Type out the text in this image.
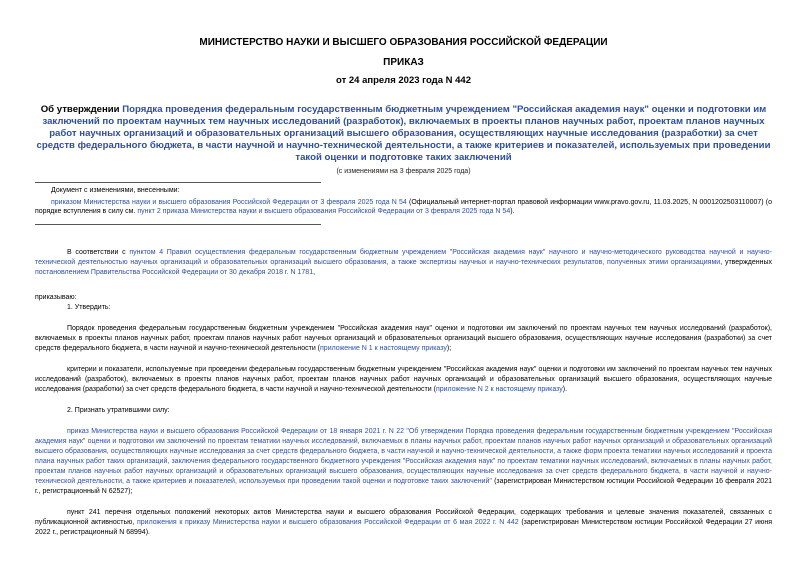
МИНИСТЕРСТВО НАУКИ И ВЫСШЕГО ОБРАЗОВАНИЯ РОССИЙСКОЙ ФЕДЕРАЦИИ
ПРИКАЗ
от 24 апреля 2023 года N 442
Об утверждении Порядка проведения федеральным государственным бюджетным учреждением "Российская академия наук" оценки и подготовки им заключений по проектам научных тем научных исследований (разработок), включаемых в проекты планов научных работ, проектам планов научных работ научных организаций и образовательных организаций высшего образования, осуществляющих научные исследования (разработки) за счет средств федерального бюджета, в части научной и научно-технической деятельности, а также критериев и показателей, используемых при проведении такой оценки и подготовке таких заключений
(с изменениями на 3 февраля 2025 года)

Документ с изменениями, внесенными:

приказом Министерства науки и высшего образования Российской Федерации от 3 февраля 2025 года N 54 (Официальный интернет-портал правовой информации www.pravo.gov.ru, 11.03.2025, N 0001202503110007) (о порядке вступления в силу см. пункт 2 приказа Министерства науки и высшего образования Российской Федерации от 3 февраля 2025 года N 54).

В соответствии с пунктом 4 Правил осуществления федеральным государственным бюджетным учреждением "Российская академия наук" научного и научно-методического руководства научной и научно-технической деятельностью научных организаций и образовательных организаций высшего образования, а также экспертизы научных и научно-технических результатов, полученных этими организациями, утвержденных постановлением Правительства Российской Федерации от 30 декабря 2018 г. N 1781,

приказываю:

1. Утвердить:

Порядок проведения федеральным государственным бюджетным учреждением "Российская академия наук" оценки и подготовки им заключений по проектам научных тем научных исследований (разработок), включаемых в проекты планов научных работ, проектам планов научных работ научных организаций и образовательных организаций высшего образования, осуществляющих научные исследования (разработки) за счет средств федерального бюджета, в части научной и научно-технической деятельности (приложение N 1 к настоящему приказу);

критерии и показатели, используемые при проведении федеральным государственным бюджетным учреждением "Российская академия наук" оценки и подготовки им заключений по проектам научных тем научных исследований (разработок), включаемых в проекты планов научных работ, проектам планов научных работ научных организаций и образовательных организаций высшего образования, осуществляющих научные исследования (разработки) за счет средств федерального бюджета, в части научной и научно-технической деятельности (приложение N 2 к настоящему приказу).

2. Признать утратившими силу:

приказ Министерства науки и высшего образования Российской Федерации от 18 января 2021 г. N 22 "Об утверждении Порядка проведения федеральным государственным бюджетным учреждением "Российская академия наук" оценки и подготовки им заключений по проектам тематики научных исследований, включаемых в планы научных работ, проектам планов научных работ научных организаций и образовательных организаций высшего образования, осуществляющих научные исследования за счет средств федерального бюджета, в части научной и научно-технической деятельности, а также форм проекта тематики научных исследований и проекта плана научных работ таких организаций, заключения федерального государственного бюджетного учреждения "Российская академия наук" по проектам тематики научных исследований, включаемых в планы научных работ, проектам планов научных работ научных организаций и образовательных организаций высшего образования, осуществляющих научные исследования за счет средств федерального бюджета, в части научной и научно-технической деятельности, а также критериев и показателей, используемых при проведении такой оценки и подготовке таких заключений" (зарегистрирован Министерством юстиции Российской Федерации 16 февраля 2021 г., регистрационный N 62527);

пункт 241 перечня отдельных положений некоторых актов Министерства науки и высшего образования Российской Федерации, содержащих требования и целевые значения показателей, связанных с публикационной активностью, приложения к приказу Министерства науки и высшего образования Российской Федерации от 6 мая 2022 г. N 442 (зарегистрирован Министерством юстиции Российской Федерации 27 июня 2022 г., регистрационный N 68994).
